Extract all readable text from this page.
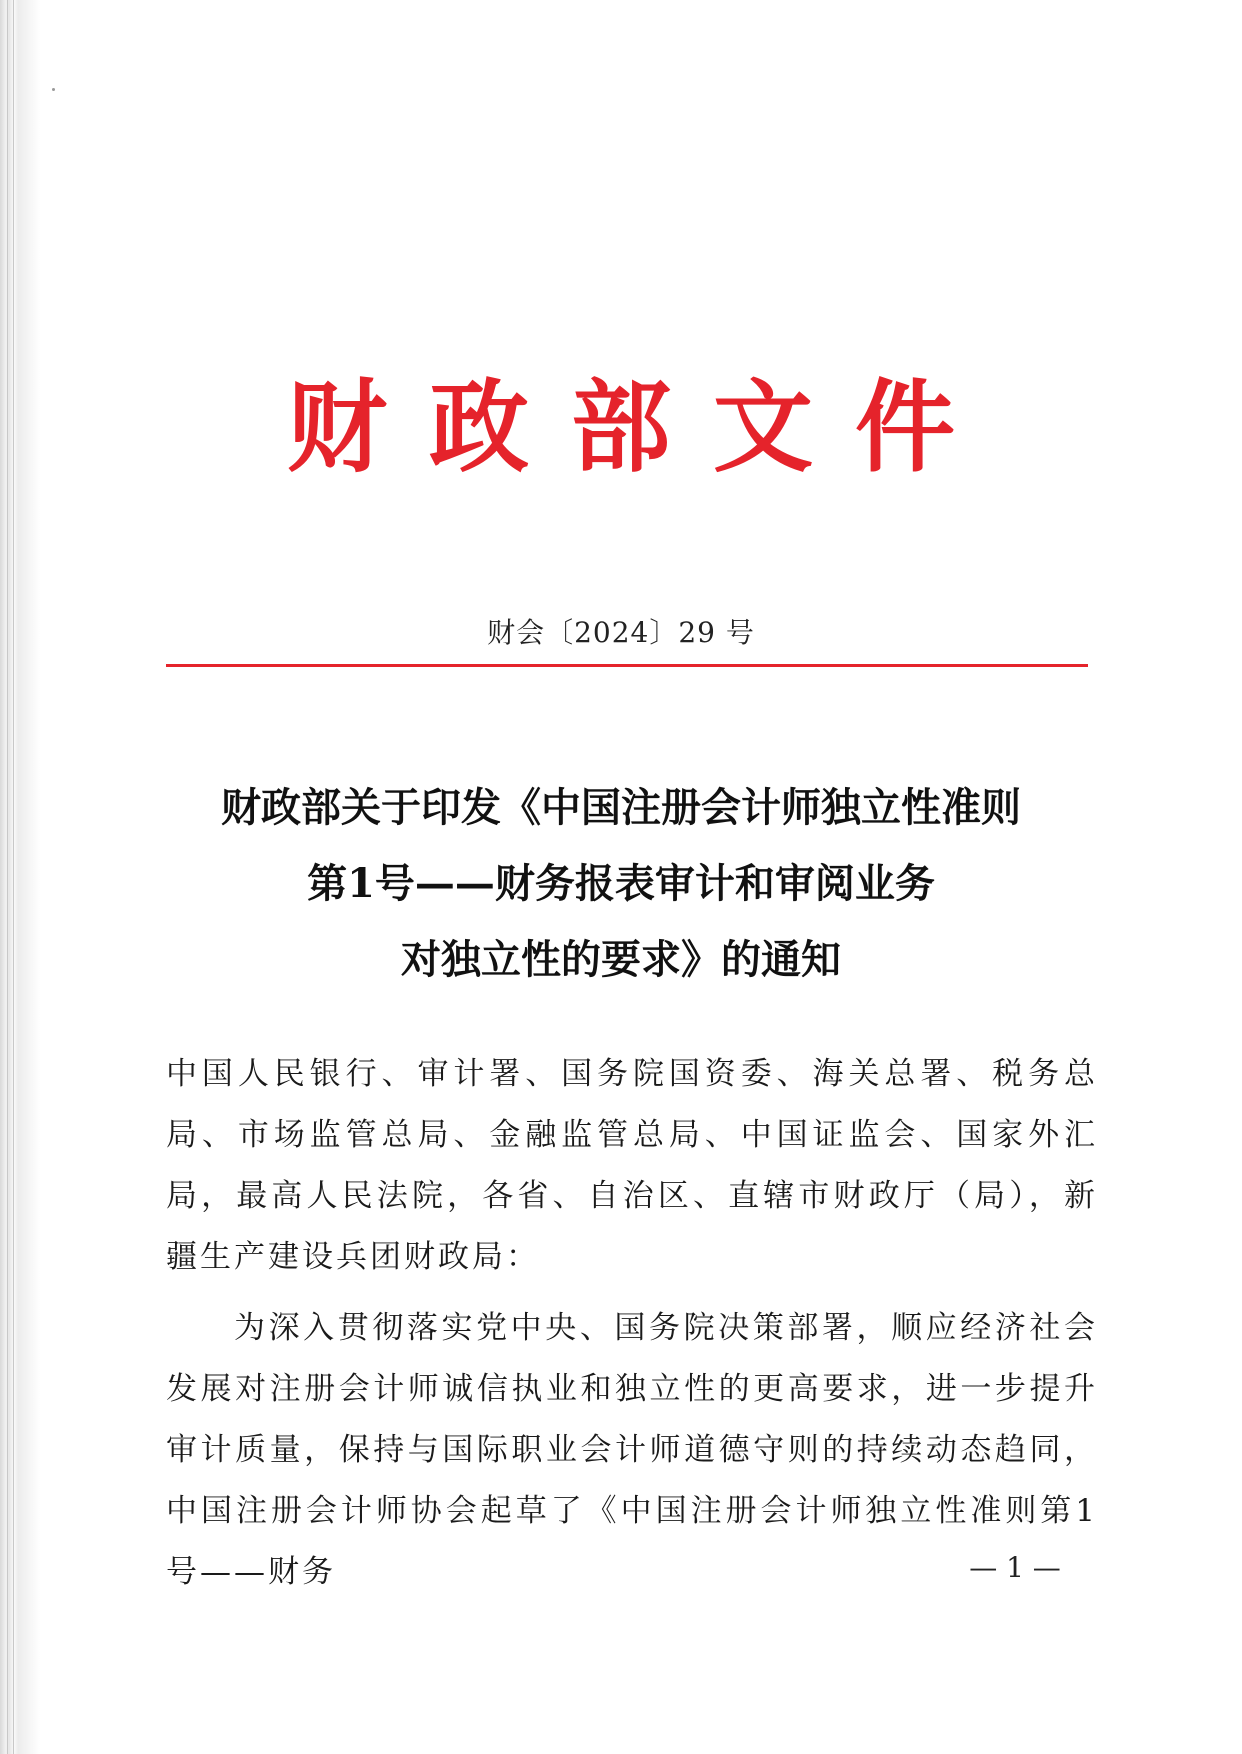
财政部文件
财会〔2024〕29 号
财政部关于印发《中国注册会计师独立性准则
第1号——财务报表审计和审阅业务
对独立性的要求》的通知

中国人民银行、审计署、国务院国资委、海关总署、税务总局、市场监管总局、金融监管总局、中国证监会、国家外汇局，最高人民法院，各省、自治区、直辖市财政厅（局），新疆生产建设兵团财政局：

为深入贯彻落实党中央、国务院决策部署，顺应经济社会发展对注册会计师诚信执业和独立性的更高要求，进一步提升审计质量，保持与国际职业会计师道德守则的持续动态趋同，中国注册会计师协会起草了《中国注册会计师独立性准则第1号——财务	— 1 —
